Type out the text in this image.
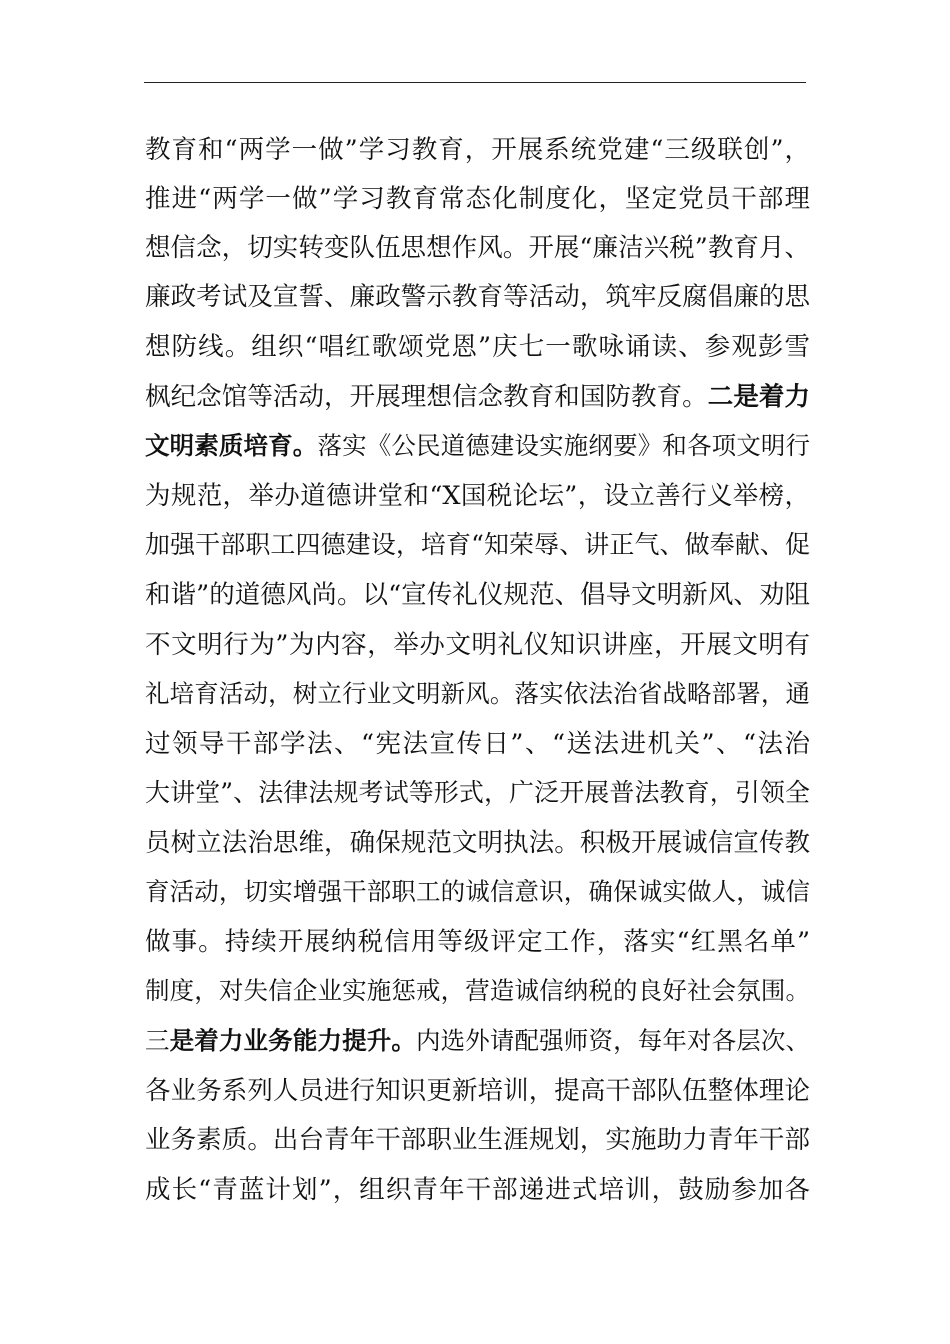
教育和“两学一做”学习教育，开展系统党建“三级联创”，
推进“两学一做”学习教育常态化制度化，坚定党员干部理
想信念，切实转变队伍思想作风。开展“廉洁兴税”教育月、
廉政考试及宣誓、廉政警示教育等活动，筑牢反腐倡廉的思
想防线。组织“唱红歌颂党恩”庆七一歌咏诵读、参观彭雪
枫纪念馆等活动，开展理想信念教育和国防教育。二是着力
文明素质培育。落实《公民道德建设实施纲要》和各项文明行
为规范，举办道德讲堂和“X国税论坛”，设立善行义举榜，
加强干部职工四德建设，培育“知荣辱、讲正气、做奉献、促
和谐”的道德风尚。以“宣传礼仪规范、倡导文明新风、劝阻
不文明行为”为内容，举办文明礼仪知识讲座，开展文明有
礼培育活动，树立行业文明新风。落实依法治省战略部署，通
过领导干部学法、“宪法宣传日”、“送法进机关”、“法治
大讲堂”、法律法规考试等形式，广泛开展普法教育，引领全
员树立法治思维，确保规范文明执法。积极开展诚信宣传教
育活动，切实增强干部职工的诚信意识，确保诚实做人，诚信
做事。持续开展纳税信用等级评定工作，落实“红黑名单”
制度，对失信企业实施惩戒，营造诚信纳税的良好社会氛围。
三是着力业务能力提升。内选外请配强师资，每年对各层次、
各业务系列人员进行知识更新培训，提高干部队伍整体理论
业务素质。出台青年干部职业生涯规划，实施助力青年干部
成长“青蓝计划”，组织青年干部递进式培训，鼓励参加各
